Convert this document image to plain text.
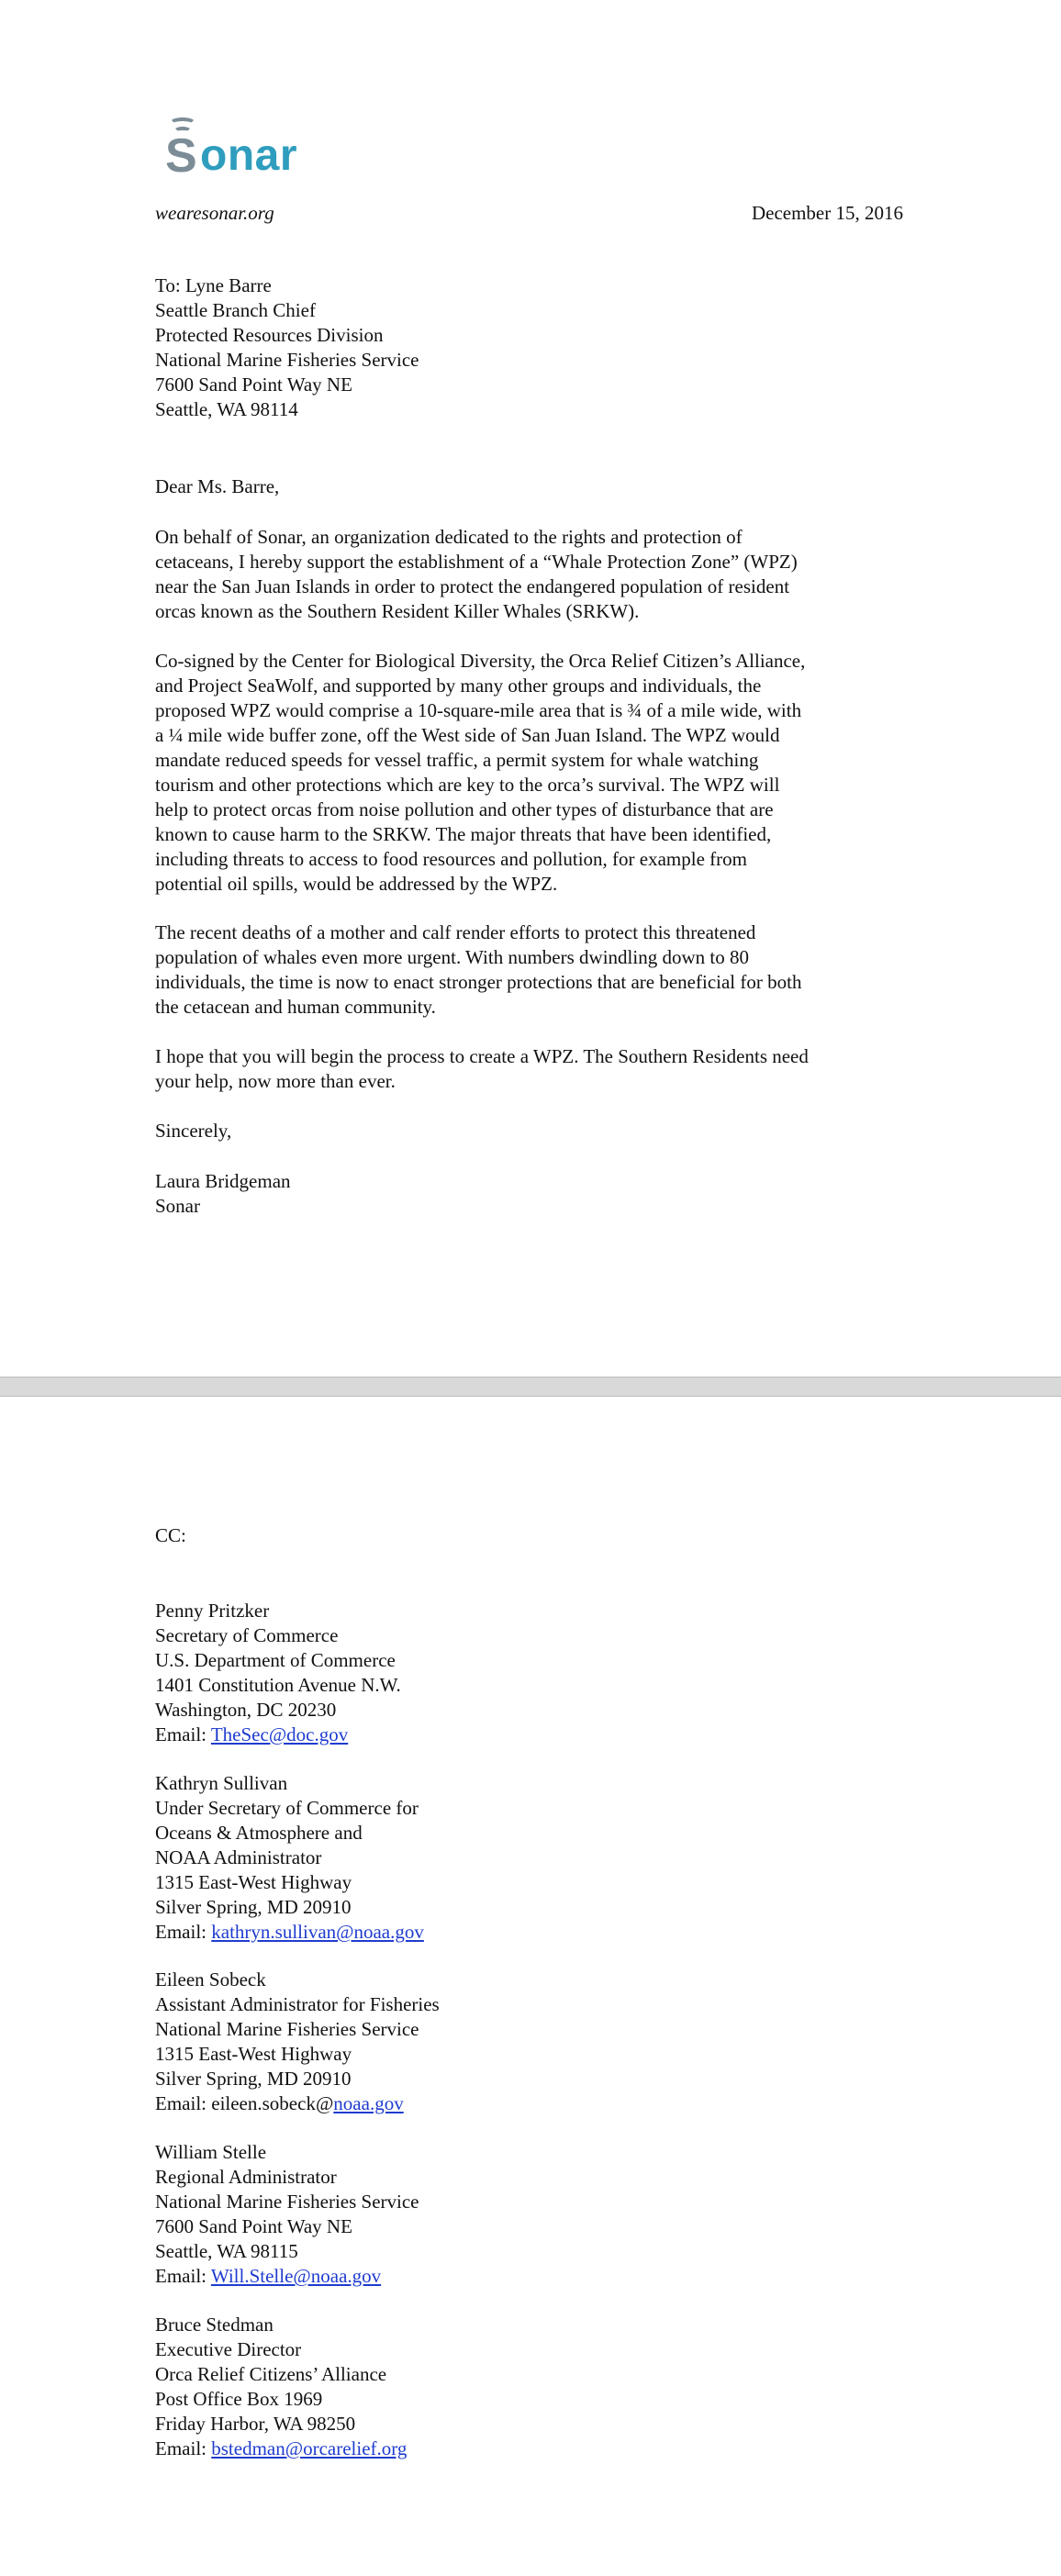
S onar
wearesonar.org	December 15, 2016
To: Lyne Barre
Seattle Branch Chief
Protected Resources Division
National Marine Fisheries Service
7600 Sand Point Way NE
Seattle, WA 98114
Dear Ms. Barre,
On behalf of Sonar, an organization dedicated to the rights and protection of
cetaceans, I hereby support the establishment of a “Whale Protection Zone” (WPZ)
near the San Juan Islands in order to protect the endangered population of resident
orcas known as the Southern Resident Killer Whales (SRKW).
Co-signed by the Center for Biological Diversity, the Orca Relief Citizen’s Alliance,
and Project SeaWolf, and supported by many other groups and individuals, the
proposed WPZ would comprise a 10-square-mile area that is ¾ of a mile wide, with
a ¼ mile wide buffer zone, off the West side of San Juan Island. The WPZ would
mandate reduced speeds for vessel traffic, a permit system for whale watching
tourism and other protections which are key to the orca’s survival. The WPZ will
help to protect orcas from noise pollution and other types of disturbance that are
known to cause harm to the SRKW. The major threats that have been identified,
including threats to access to food resources and pollution, for example from
potential oil spills, would be addressed by the WPZ.
The recent deaths of a mother and calf render efforts to protect this threatened
population of whales even more urgent. With numbers dwindling down to 80
individuals, the time is now to enact stronger protections that are beneficial for both
the cetacean and human community.
I hope that you will begin the process to create a WPZ. The Southern Residents need
your help, now more than ever.
Sincerely,
Laura Bridgeman
Sonar
CC:
Penny Pritzker
Secretary of Commerce
U.S. Department of Commerce
1401 Constitution Avenue N.W.
Washington, DC 20230
Email: TheSec@doc.gov
Kathryn Sullivan
Under Secretary of Commerce for
Oceans & Atmosphere and
NOAA Administrator
1315 East-West Highway
Silver Spring, MD 20910
Email: kathryn.sullivan@noaa.gov
Eileen Sobeck
Assistant Administrator for Fisheries
National Marine Fisheries Service
1315 East-West Highway
Silver Spring, MD 20910
Email: eileen.sobeck@noaa.gov
William Stelle
Regional Administrator
National Marine Fisheries Service
7600 Sand Point Way NE
Seattle, WA 98115
Email: Will.Stelle@noaa.gov
Bruce Stedman
Executive Director
Orca Relief Citizens’ Alliance
Post Office Box 1969
Friday Harbor, WA 98250
Email: bstedman@orcarelief.org
